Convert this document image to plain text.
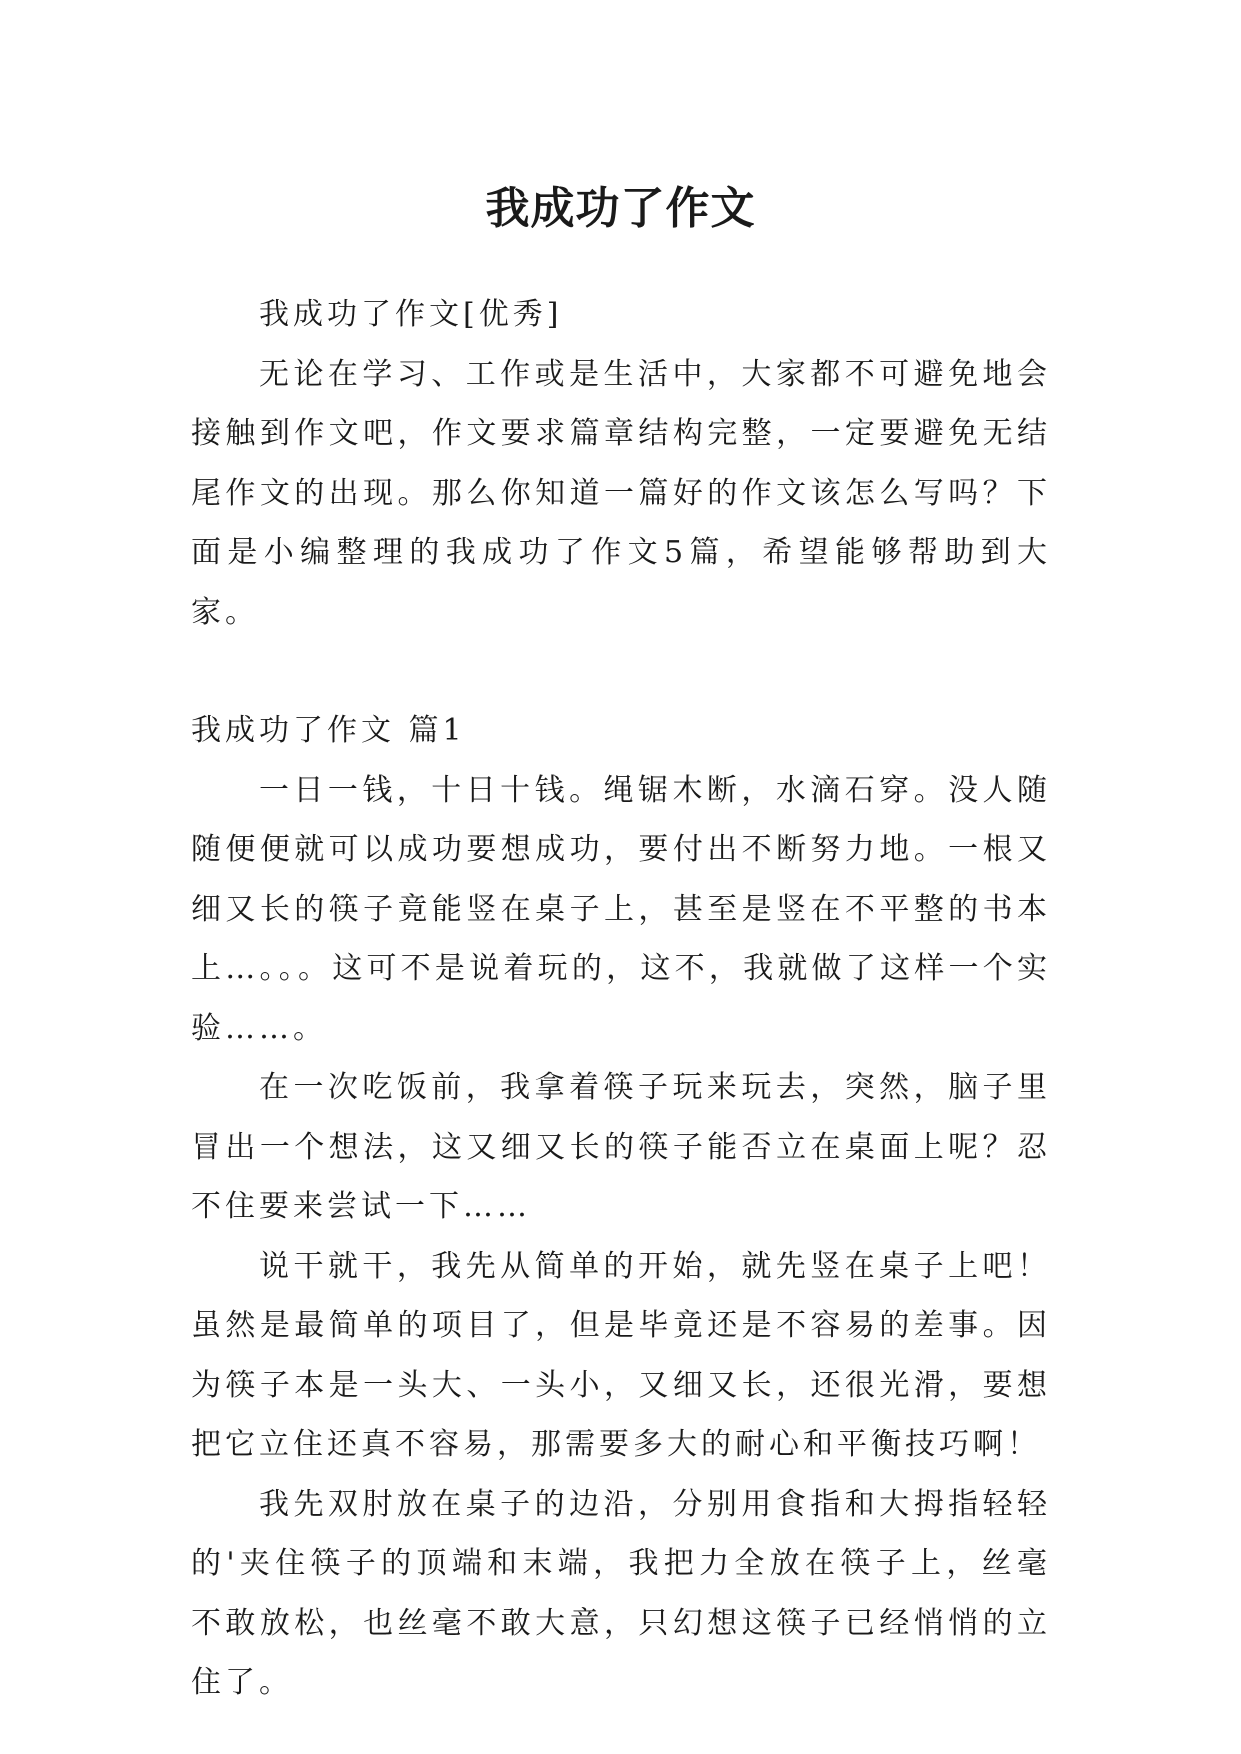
我成功了作文

我成功了作文[优秀]

无论在学习、工作或是生活中，大家都不可避免地会接触到作文吧，作文要求篇章结构完整，一定要避免无结尾作文的出现。那么你知道一篇好的作文该怎么写吗？下面是小编整理的我成功了作文5篇，希望能够帮助到大家。

我成功了作文 篇1

一日一钱，十日十钱。绳锯木断，水滴石穿。没人随随便便就可以成功要想成功，要付出不断努力地。一根又细又长的筷子竟能竖在桌子上，甚至是竖在不平整的书本上…。。。这可不是说着玩的，这不，我就做了这样一个实验……。

在一次吃饭前，我拿着筷子玩来玩去，突然，脑子里冒出一个想法，这又细又长的筷子能否立在桌面上呢？忍不住要来尝试一下……

说干就干，我先从简单的开始，就先竖在桌子上吧！虽然是最简单的项目了，但是毕竟还是不容易的差事。因为筷子本是一头大、一头小，又细又长，还很光滑，要想把它立住还真不容易，那需要多大的耐心和平衡技巧啊！

我先双肘放在桌子的边沿，分别用食指和大拇指轻轻的'夹住筷子的顶端和末端，我把力全放在筷子上，丝毫不敢放松，也丝毫不敢大意，只幻想这筷子已经悄悄的立住了。
